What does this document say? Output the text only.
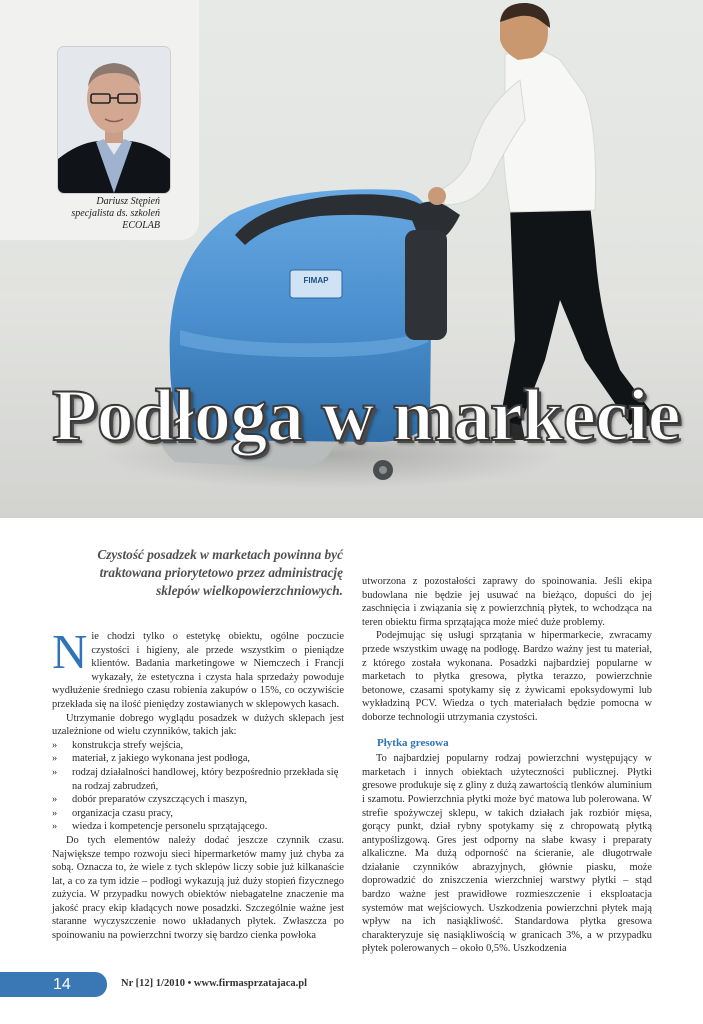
FIMAP
Dariusz Stępień
specjalista ds. szkoleń
ECOLAB
Podłoga w markecie
Czystość posadzek w marketach powinna być traktowana priorytetowo przez administrację sklepów wielkopowierzchniowych.

Nie chodzi tylko o estetykę obiektu, ogólne poczucie czystości i higieny, ale przede wszystkim o pieniądze klientów. Badania marketingowe w Niemczech i Francji wykazały, że estetyczna i czysta hala sprzedaży powoduje wydłużenie średniego czasu robienia zakupów o 15%, co oczywiście przekłada się na ilość pieniędzy zostawianych w sklepowych kasach.

Utrzymanie dobrego wyglądu posadzek w dużych sklepach jest uzależnione od wielu czynników, takich jak:

» konstrukcja strefy wejścia,
» materiał, z jakiego wykonana jest podłoga,
» rodzaj działalności handlowej, który bezpośrednio przekłada się na rodzaj zabrudzeń,
» dobór preparatów czyszczących i maszyn,
» organizacja czasu pracy,
» wiedza i kompetencje personelu sprzątającego.

Do tych elementów należy dodać jeszcze czynnik czasu. Największe tempo rozwoju sieci hipermarketów mamy już chyba za sobą. Oznacza to, że wiele z tych sklepów liczy sobie już kilkanaście lat, a co za tym idzie – podłogi wykazują już duży stopień fizycznego zużycia. W przypadku nowych obiektów niebagatelne znaczenie ma jakość pracy ekip kładących nowe posadzki. Szczególnie ważne jest staranne wyczyszczenie nowo układanych płytek. Zwłaszcza po spoinowaniu na powierzchni tworzy się bardzo cienka powłoka

utworzona z pozostałości zaprawy do spoinowania. Jeśli ekipa budowlana nie będzie jej usuwać na bieżąco, dopuści do jej zaschnięcia i związania się z powierzchnią płytek, to wchodząca na teren obiektu firma sprzątająca może mieć duże problemy.

Podejmując się usługi sprzątania w hipermarkecie, zwracamy przede wszystkim uwagę na podłogę. Bardzo ważny jest tu materiał, z którego została wykonana. Posadzki najbardziej popularne w marketach to płytka gresowa, płytka terazzo, powierzchnie betonowe, czasami spotykamy się z żywicami epoksydowymi lub wykładziną PCV. Wiedza o tych materiałach będzie pomocna w doborze technologii utrzymania czystości.

Płytka gresowa

To najbardziej popularny rodzaj powierzchni występujący w marketach i innych obiektach użyteczności publicznej. Płytki gresowe produkuje się z gliny z dużą zawartością tlenków aluminium i szamotu. Powierzchnia płytki może być matowa lub polerowana. W strefie spożywczej sklepu, w takich działach jak rozbiór mięsa, gorący punkt, dział rybny spotykamy się z chropowatą płytką antypoślizgową. Gres jest odporny na słabe kwasy i preparaty alkaliczne. Ma dużą odporność na ścieranie, ale długotrwałe działanie czynników abrazyjnych, głównie piasku, może doprowadzić do zniszczenia wierzchniej warstwy płytki – stąd bardzo ważne jest prawidłowe rozmieszczenie i eksploatacja systemów mat wejściowych. Uszkodzenia powierzchni płytek mają wpływ na ich nasiąkliwość. Standardowa płytka gresowa charakteryzuje się nasiąkliwością w granicach 3%, a w przypadku płytek polerowanych – około 0,5%. Uszkodzenia

14	Nr [12] 1/2010 • www.firmasprzatajaca.pl
